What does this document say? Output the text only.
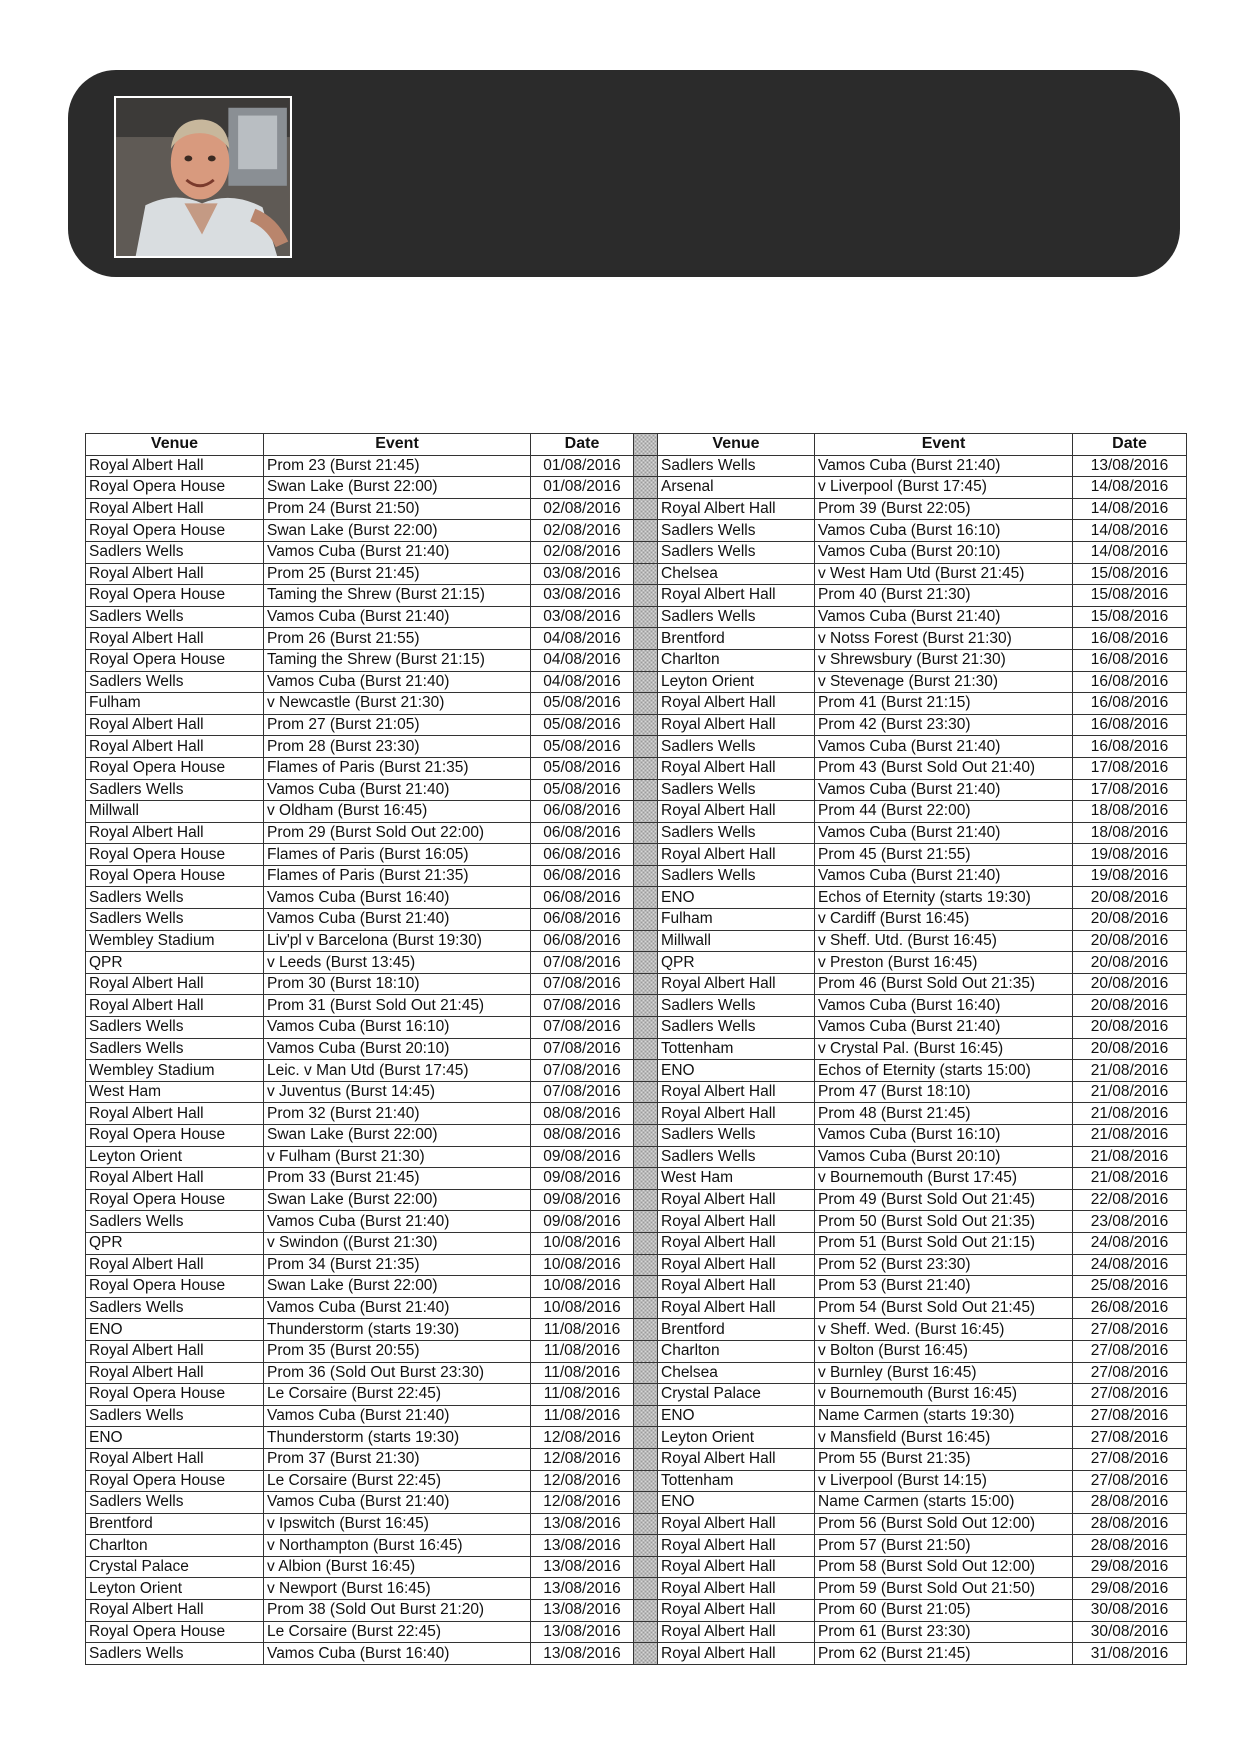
Venue	Event	Date		Venue	Event	Date
Royal Albert Hall	Prom 23 (Burst 21:45)	01/08/2016		Sadlers Wells	Vamos Cuba (Burst 21:40)	13/08/2016
Royal Opera House	Swan Lake (Burst 22:00)	01/08/2016		Arsenal	v Liverpool (Burst 17:45)	14/08/2016
Royal Albert Hall	Prom 24 (Burst 21:50)	02/08/2016		Royal Albert Hall	Prom 39 (Burst 22:05)	14/08/2016
Royal Opera House	Swan Lake (Burst 22:00)	02/08/2016		Sadlers Wells	Vamos Cuba (Burst 16:10)	14/08/2016
Sadlers Wells	Vamos Cuba (Burst 21:40)	02/08/2016		Sadlers Wells	Vamos Cuba (Burst 20:10)	14/08/2016
Royal Albert Hall	Prom 25 (Burst 21:45)	03/08/2016		Chelsea	v West Ham Utd (Burst 21:45)	15/08/2016
Royal Opera House	Taming the Shrew (Burst 21:15)	03/08/2016		Royal Albert Hall	Prom 40 (Burst 21:30)	15/08/2016
Sadlers Wells	Vamos Cuba (Burst 21:40)	03/08/2016		Sadlers Wells	Vamos Cuba (Burst 21:40)	15/08/2016
Royal Albert Hall	Prom 26 (Burst 21:55)	04/08/2016		Brentford	v Notss Forest (Burst 21:30)	16/08/2016
Royal Opera House	Taming the Shrew (Burst 21:15)	04/08/2016		Charlton	v Shrewsbury (Burst 21:30)	16/08/2016
Sadlers Wells	Vamos Cuba (Burst 21:40)	04/08/2016		Leyton Orient	v Stevenage (Burst 21:30)	16/08/2016
Fulham	v Newcastle (Burst 21:30)	05/08/2016		Royal Albert Hall	Prom 41 (Burst 21:15)	16/08/2016
Royal Albert Hall	Prom 27 (Burst 21:05)	05/08/2016		Royal Albert Hall	Prom 42 (Burst 23:30)	16/08/2016
Royal Albert Hall	Prom 28 (Burst 23:30)	05/08/2016		Sadlers Wells	Vamos Cuba (Burst 21:40)	16/08/2016
Royal Opera House	Flames of Paris (Burst 21:35)	05/08/2016		Royal Albert Hall	Prom 43 (Burst Sold Out 21:40)	17/08/2016
Sadlers Wells	Vamos Cuba (Burst 21:40)	05/08/2016		Sadlers Wells	Vamos Cuba (Burst 21:40)	17/08/2016
Millwall	v Oldham (Burst 16:45)	06/08/2016		Royal Albert Hall	Prom 44 (Burst 22:00)	18/08/2016
Royal Albert Hall	Prom 29 (Burst Sold Out 22:00)	06/08/2016		Sadlers Wells	Vamos Cuba (Burst 21:40)	18/08/2016
Royal Opera House	Flames of Paris (Burst 16:05)	06/08/2016		Royal Albert Hall	Prom 45 (Burst 21:55)	19/08/2016
Royal Opera House	Flames of Paris (Burst 21:35)	06/08/2016		Sadlers Wells	Vamos Cuba (Burst 21:40)	19/08/2016
Sadlers Wells	Vamos Cuba (Burst 16:40)	06/08/2016		ENO	Echos of Eternity (starts 19:30)	20/08/2016
Sadlers Wells	Vamos Cuba (Burst 21:40)	06/08/2016		Fulham	v Cardiff (Burst 16:45)	20/08/2016
Wembley Stadium	Liv'pl v Barcelona (Burst 19:30)	06/08/2016		Millwall	v Sheff. Utd. (Burst 16:45)	20/08/2016
QPR	v Leeds (Burst 13:45)	07/08/2016		QPR	v Preston (Burst 16:45)	20/08/2016
Royal Albert Hall	Prom 30 (Burst 18:10)	07/08/2016		Royal Albert Hall	Prom 46 (Burst Sold Out 21:35)	20/08/2016
Royal Albert Hall	Prom 31 (Burst Sold Out 21:45)	07/08/2016		Sadlers Wells	Vamos Cuba (Burst 16:40)	20/08/2016
Sadlers Wells	Vamos Cuba (Burst 16:10)	07/08/2016		Sadlers Wells	Vamos Cuba (Burst 21:40)	20/08/2016
Sadlers Wells	Vamos Cuba (Burst 20:10)	07/08/2016		Tottenham	v Crystal Pal. (Burst 16:45)	20/08/2016
Wembley Stadium	Leic. v Man Utd (Burst 17:45)	07/08/2016		ENO	Echos of Eternity (starts 15:00)	21/08/2016
West Ham	v Juventus (Burst 14:45)	07/08/2016		Royal Albert Hall	Prom 47 (Burst 18:10)	21/08/2016
Royal Albert Hall	Prom 32 (Burst 21:40)	08/08/2016		Royal Albert Hall	Prom 48 (Burst 21:45)	21/08/2016
Royal Opera House	Swan Lake (Burst 22:00)	08/08/2016		Sadlers Wells	Vamos Cuba (Burst 16:10)	21/08/2016
Leyton Orient	v Fulham (Burst 21:30)	09/08/2016		Sadlers Wells	Vamos Cuba (Burst 20:10)	21/08/2016
Royal Albert Hall	Prom 33 (Burst 21:45)	09/08/2016		West Ham	v Bournemouth (Burst 17:45)	21/08/2016
Royal Opera House	Swan Lake (Burst 22:00)	09/08/2016		Royal Albert Hall	Prom 49 (Burst Sold Out 21:45)	22/08/2016
Sadlers Wells	Vamos Cuba (Burst 21:40)	09/08/2016		Royal Albert Hall	Prom 50 (Burst Sold Out 21:35)	23/08/2016
QPR	v Swindon ((Burst 21:30)	10/08/2016		Royal Albert Hall	Prom 51 (Burst Sold Out 21:15)	24/08/2016
Royal Albert Hall	Prom 34 (Burst 21:35)	10/08/2016		Royal Albert Hall	Prom 52 (Burst 23:30)	24/08/2016
Royal Opera House	Swan Lake (Burst 22:00)	10/08/2016		Royal Albert Hall	Prom 53 (Burst 21:40)	25/08/2016
Sadlers Wells	Vamos Cuba (Burst 21:40)	10/08/2016		Royal Albert Hall	Prom 54 (Burst Sold Out 21:45)	26/08/2016
ENO	Thunderstorm (starts 19:30)	11/08/2016		Brentford	v Sheff. Wed. (Burst 16:45)	27/08/2016
Royal Albert Hall	Prom 35 (Burst 20:55)	11/08/2016		Charlton	v Bolton (Burst 16:45)	27/08/2016
Royal Albert Hall	Prom 36 (Sold Out Burst 23:30)	11/08/2016		Chelsea	v Burnley (Burst 16:45)	27/08/2016
Royal Opera House	Le Corsaire (Burst 22:45)	11/08/2016		Crystal Palace	v Bournemouth (Burst 16:45)	27/08/2016
Sadlers Wells	Vamos Cuba (Burst 21:40)	11/08/2016		ENO	Name Carmen (starts 19:30)	27/08/2016
ENO	Thunderstorm (starts 19:30)	12/08/2016		Leyton Orient	v Mansfield (Burst 16:45)	27/08/2016
Royal Albert Hall	Prom 37 (Burst 21:30)	12/08/2016		Royal Albert Hall	Prom 55 (Burst 21:35)	27/08/2016
Royal Opera House	Le Corsaire (Burst 22:45)	12/08/2016		Tottenham	v Liverpool (Burst 14:15)	27/08/2016
Sadlers Wells	Vamos Cuba (Burst 21:40)	12/08/2016		ENO	Name Carmen (starts 15:00)	28/08/2016
Brentford	v Ipswitch (Burst 16:45)	13/08/2016		Royal Albert Hall	Prom 56 (Burst Sold Out 12:00)	28/08/2016
Charlton	v Northampton (Burst 16:45)	13/08/2016		Royal Albert Hall	Prom 57 (Burst 21:50)	28/08/2016
Crystal Palace	v Albion (Burst 16:45)	13/08/2016		Royal Albert Hall	Prom 58 (Burst Sold Out 12:00)	29/08/2016
Leyton Orient	v Newport (Burst 16:45)	13/08/2016		Royal Albert Hall	Prom 59 (Burst Sold Out 21:50)	29/08/2016
Royal Albert Hall	Prom 38 (Sold Out Burst 21:20)	13/08/2016		Royal Albert Hall	Prom 60 (Burst 21:05)	30/08/2016
Royal Opera House	Le Corsaire (Burst 22:45)	13/08/2016		Royal Albert Hall	Prom 61 (Burst 23:30)	30/08/2016
Sadlers Wells	Vamos Cuba (Burst 16:40)	13/08/2016		Royal Albert Hall	Prom 62 (Burst 21:45)	31/08/2016
